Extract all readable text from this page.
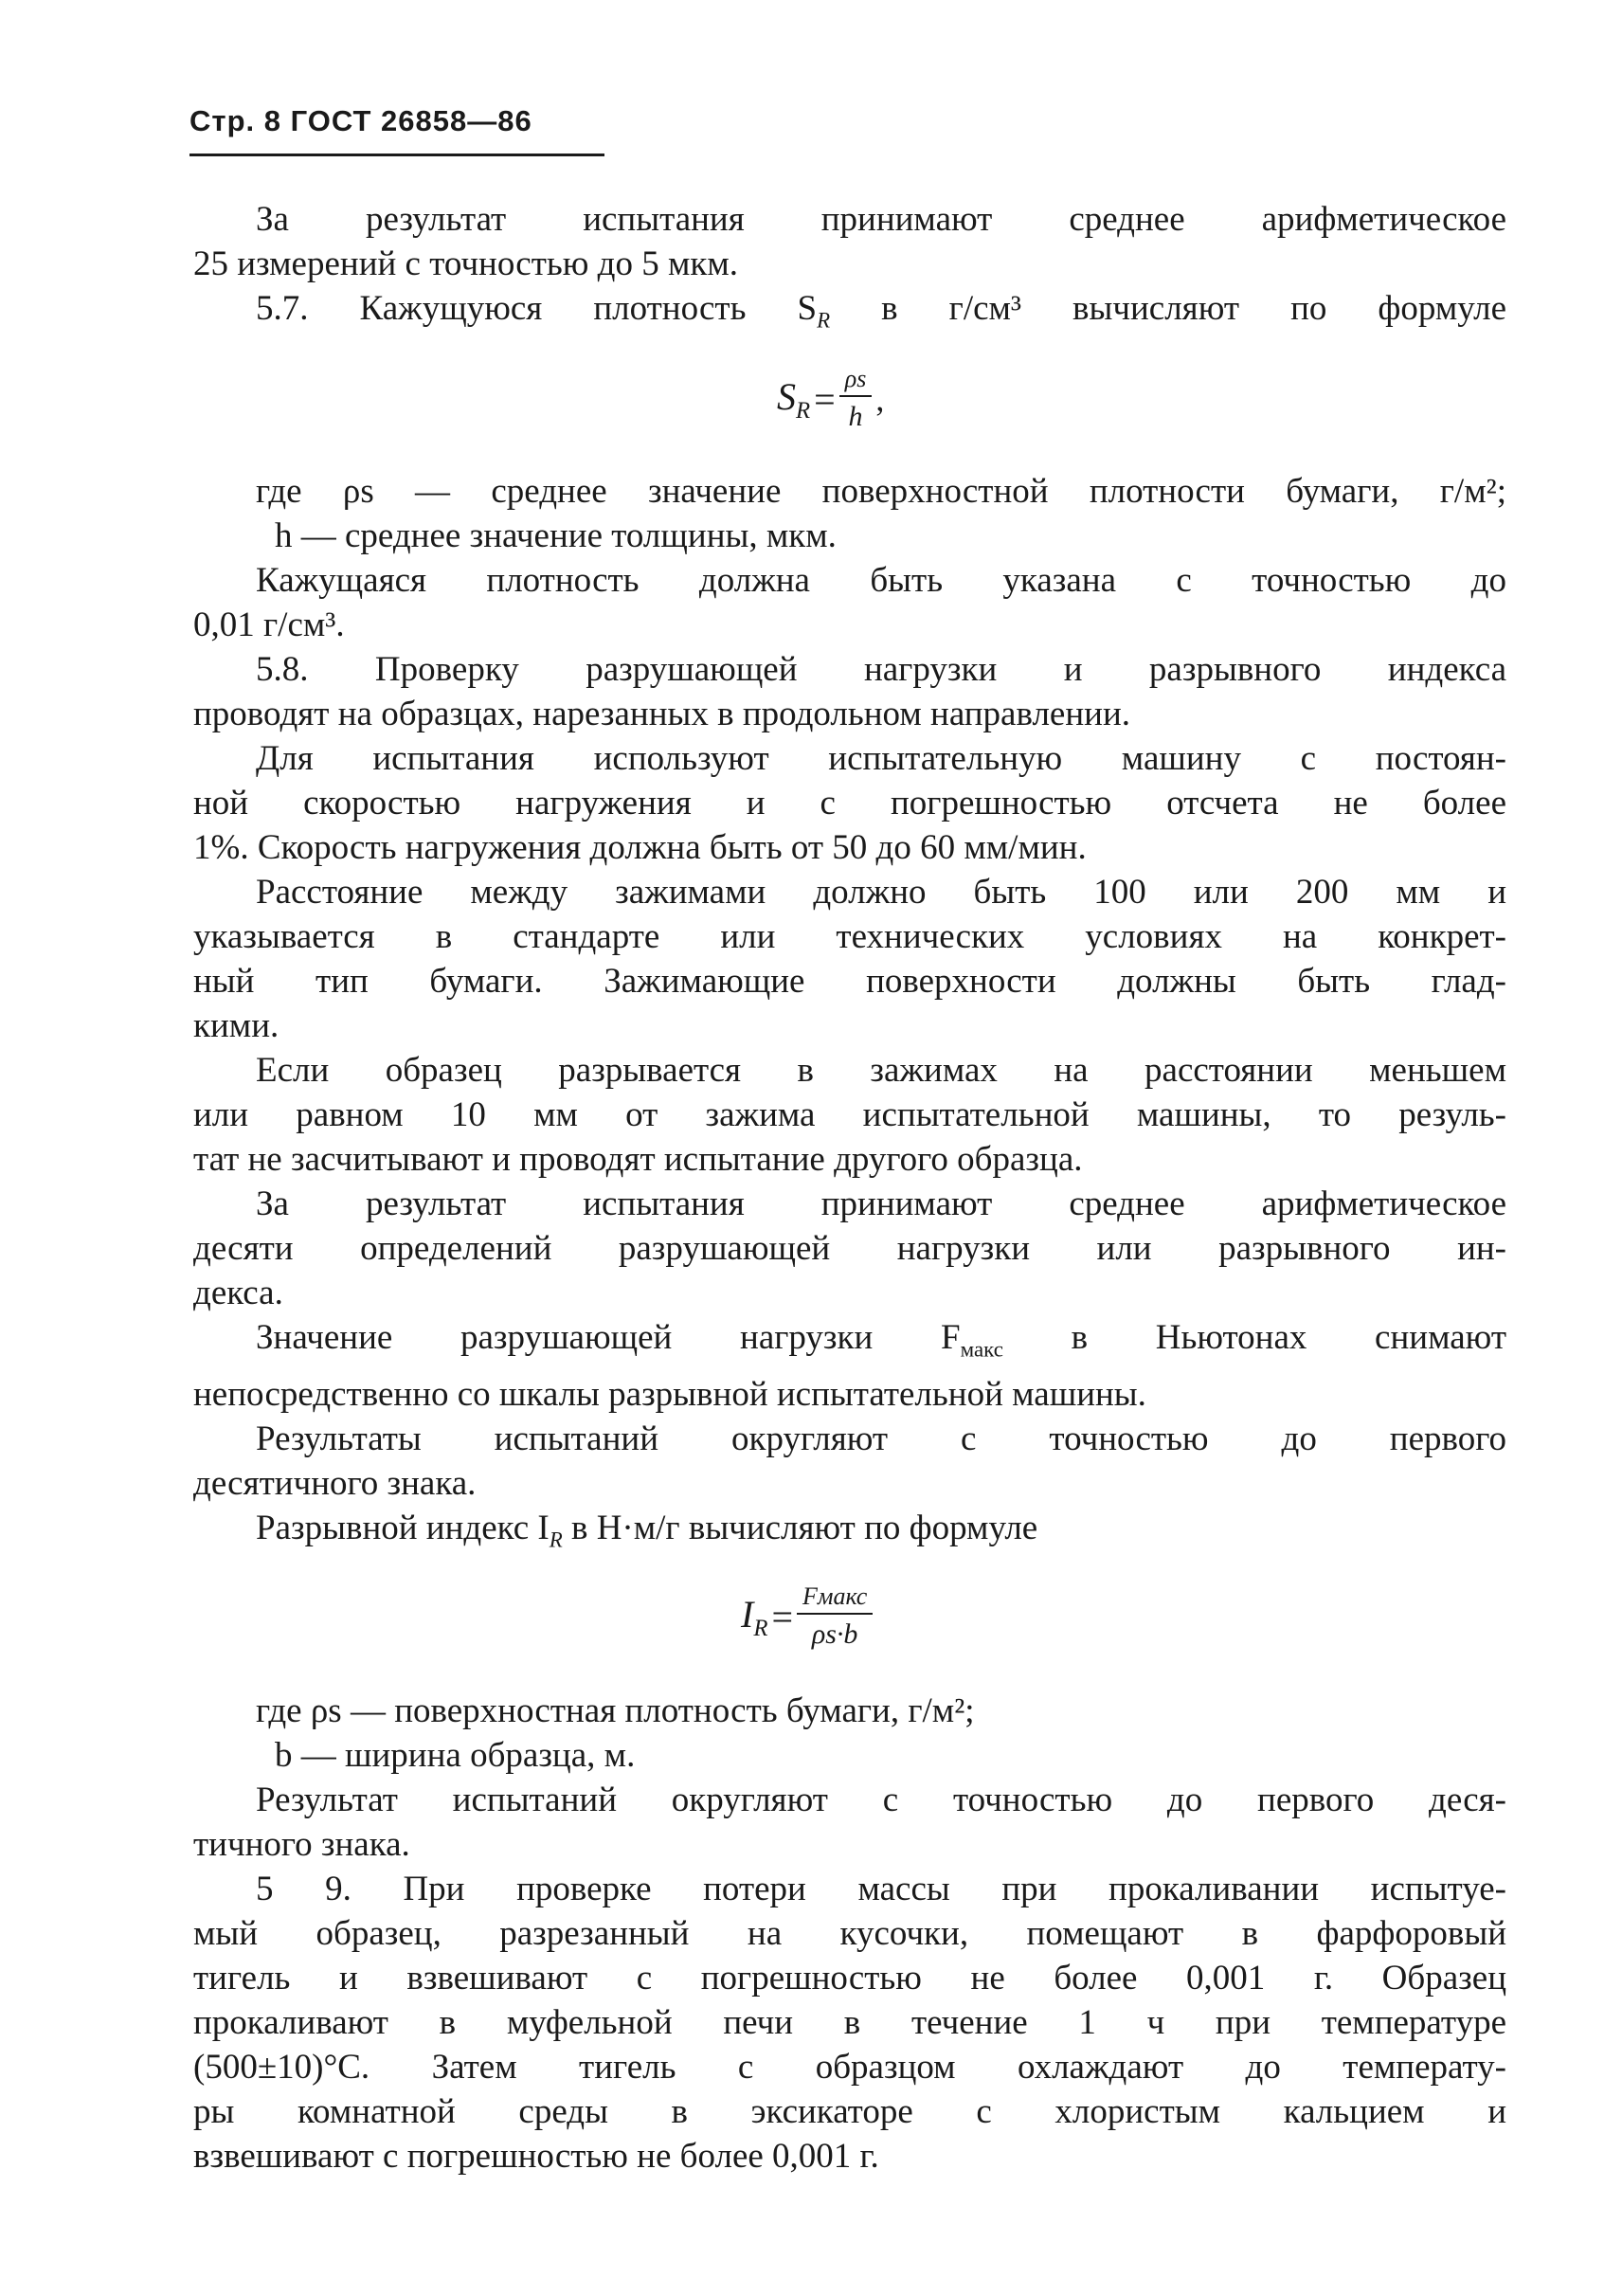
Стр. 8 ГОСТ 26858—86

За результат испытания принимают среднее арифметическое
25 измерений с точностью до 5 мкм.

5.7. Кажущуюся плотность $S_R$ в г/см³ вычисляют по формуле

$S_R = \frac{\rho s}{h}$ ,

где ρs — среднее значение поверхностной плотности бумаги, г/м²;

h — среднее значение толщины, мкм.

Кажущаяся плотность должна быть указана с точностью до
0,01 г/см³.

5.8. Проверку разрушающей нагрузки и разрывного индекса
проводят на образцах, нарезанных в продольном направлении.

Для испытания используют испытательную машину с постоян-
ной скоростью нагружения и с погрешностью отсчета не более
1%. Скорость нагружения должна быть от 50 до 60 мм/мин.

Расстояние между зажимами должно быть 100 или 200 мм и
указывается в стандарте или технических условиях на конкрет-
ный тип бумаги. Зажимающие поверхности должны быть глад-
кими.

Если образец разрывается в зажимах на расстоянии меньшем
или равном 10 мм от зажима испытательной машины, то резуль-
тат не засчитывают и проводят испытание другого образца.

За результат испытания принимают среднее арифметическое
десяти определений разрушающей нагрузки или разрывного ин-
декса.

Значение разрушающей нагрузки $F_{макс}$ в Ньютонах снимают
непосредственно со шкалы разрывной испытательной машины.

Результаты испытаний округляют с точностью до первого
десятичного знака.

Разрывной индекс $I_R$ в Н·м/г вычисляют по формуле

$I_R = \frac{\text{Fмакс}}{\rho s\cdot b}$

где ρs — поверхностная плотность бумаги, г/м²;

b — ширина образца, м.

Результат испытаний округляют с точностью до первого деся-
тичного знака.

5 9. При проверке потери массы при прокаливании испытуе-
мый образец, разрезанный на кусочки, помещают в фарфоровый
тигель и взвешивают с погрешностью не более 0,001 г. Образец
прокаливают в муфельной печи в течение 1 ч при температуре
(500±10)°С. Затем тигель с образцом охлаждают до температу-
ры комнатной среды в эксикаторе с хлористым кальцием и
взвешивают с погрешностью не более 0,001 г.
